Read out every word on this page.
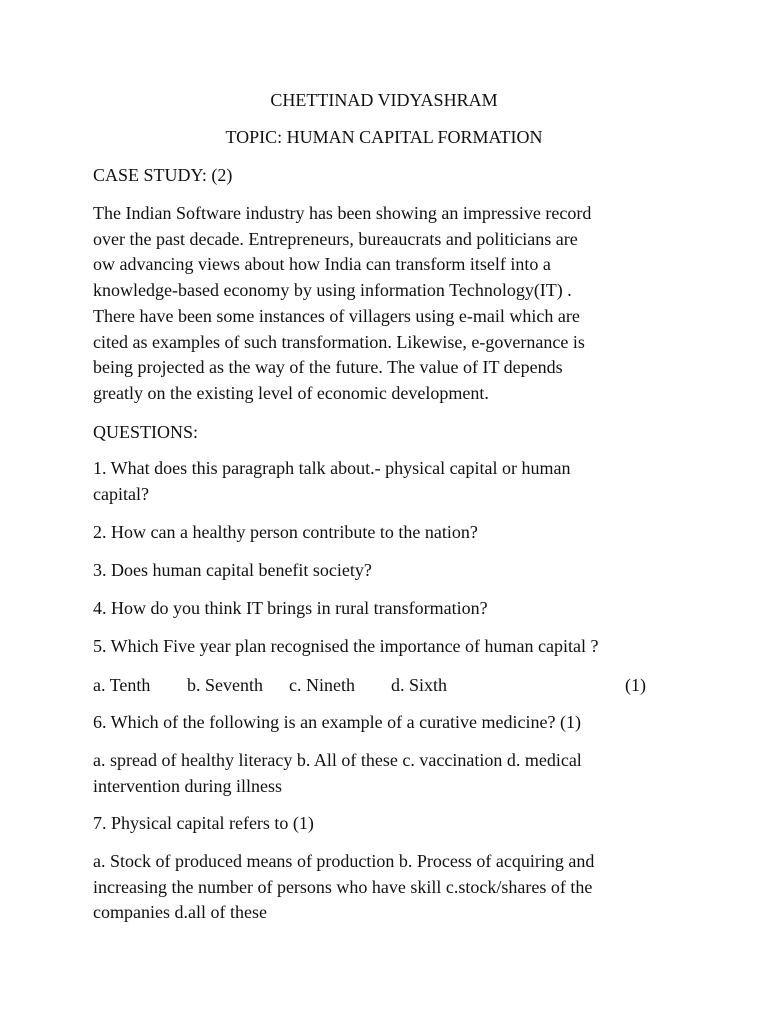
CHETTINAD VIDYASHRAM
TOPIC: HUMAN CAPITAL FORMATION
CASE STUDY: (2)
The Indian Software industry has been showing an impressive record
over the past decade. Entrepreneurs, bureaucrats and politicians are
ow advancing views about how India can transform itself into a
knowledge-based economy by using information Technology(IT) .
There have been some instances of villagers using e-mail which are
cited as examples of such transformation. Likewise, e-governance is
being projected as the way of the future. The value of IT depends
greatly on the existing level of economic development.
QUESTIONS:
1. What does this paragraph talk about.- physical capital or human
capital?
2. How can a healthy person contribute to the nation?
3. Does human capital benefit society?
4. How do you think IT brings in rural transformation?
5. Which Five year plan recognised the importance of human capital ?
a. Tenth b. Seventh c. Nineth d. Sixth	(1)
6. Which of the following is an example of a curative medicine? (1)
a. spread of healthy literacy b. All of these c. vaccination d. medical
intervention during illness
7. Physical capital refers to (1)
a. Stock of produced means of production b. Process of acquiring and
increasing the number of persons who have skill c.stock/shares of the
companies d.all of these
